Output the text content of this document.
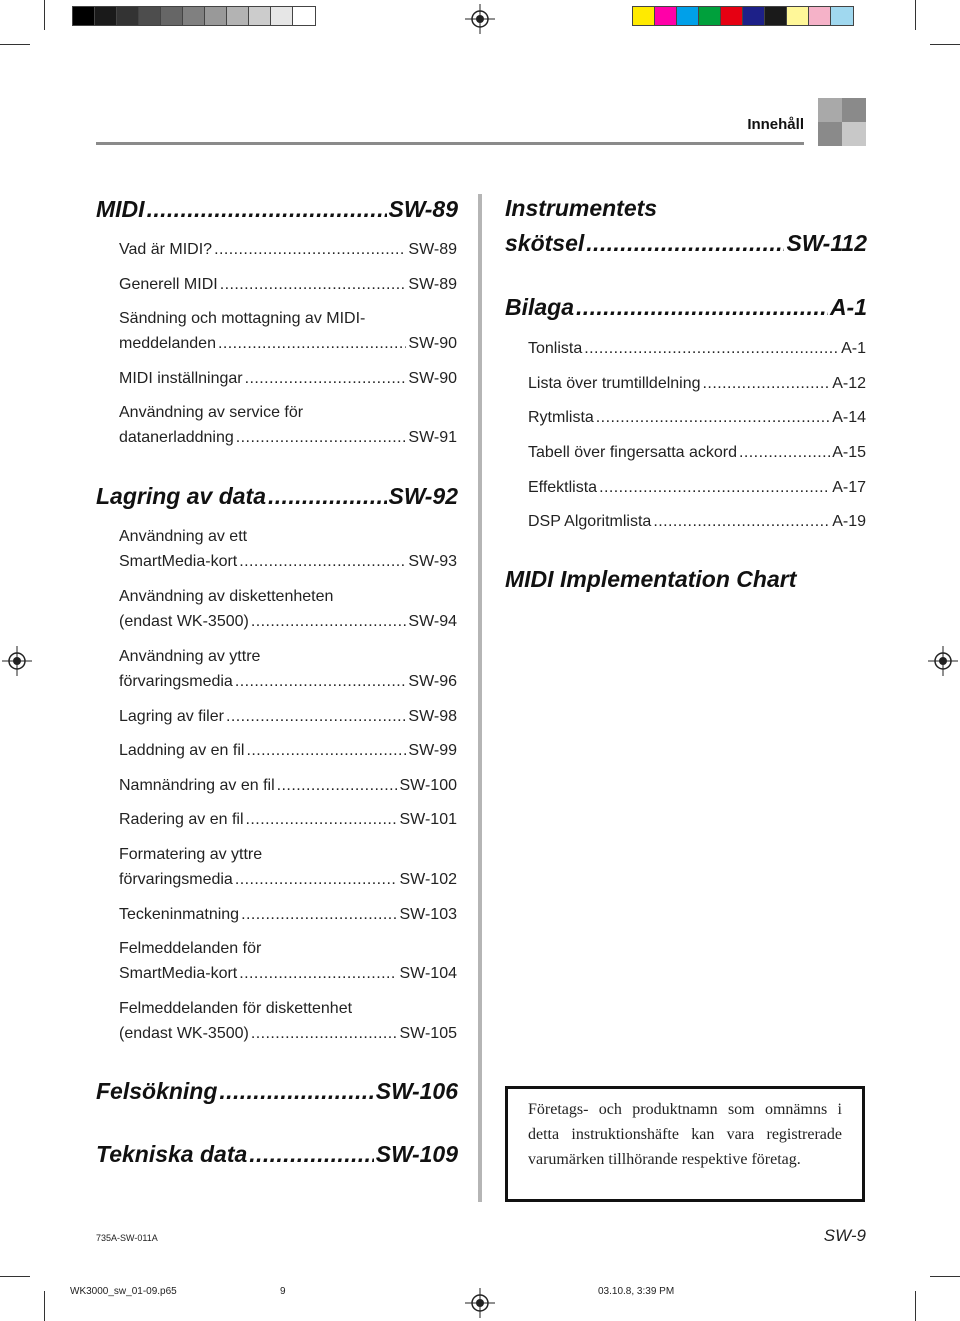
Innehåll
MIDI . . .	SW-89
Vad är MIDI? . . .	SW-89
Generell MIDI . . .	SW-89
Sändning och mottagning av MIDI-
meddelanden . . .	SW-90
MIDI inställningar . . .	SW-90
Användning av service för
datanerladdning . . .	SW-91
Lagring av data . . .	SW-92
Användning av ett
SmartMedia-kort . . .	SW-93
Användning av diskettenheten
(endast WK-3500) . . .	SW-94
Användning av yttre
förvaringsmedia . . .	SW-96
Lagring av filer . . .	SW-98
Laddning av en fil . . .	SW-99
Namnändring av en fil . . .	SW-100
Radering av en fil . . .	SW-101
Formatering av yttre
förvaringsmedia . . .	SW-102
Teckeninmatning . . .	SW-103
Felmeddelanden för
SmartMedia-kort . . .	SW-104
Felmeddelanden för diskettenhet
(endast WK-3500) . . .	SW-105
Felsökning . . .	SW-106
Tekniska data . . .	SW-109
Instrumentets
skötsel . . .	SW-112
Bilaga . . .	A-1
Tonlista . . .	A-1
Lista över trumtilldelning . . .	A-12
Rytmlista . . .	A-14
Tabell över fingersatta ackord . . .	A-15
Effektlista . . .	A-17
DSP Algoritmlista . . .	A-19
MIDI Implementation Chart
Företags- och produktnamn som omnämns i detta instruktionshäfte kan vara registrerade varumärken tillhörande respektive företag.
735A-SW-011A	SW-9
WK3000_sw_01-09.p65	9	03.10.8, 3:39 PM
